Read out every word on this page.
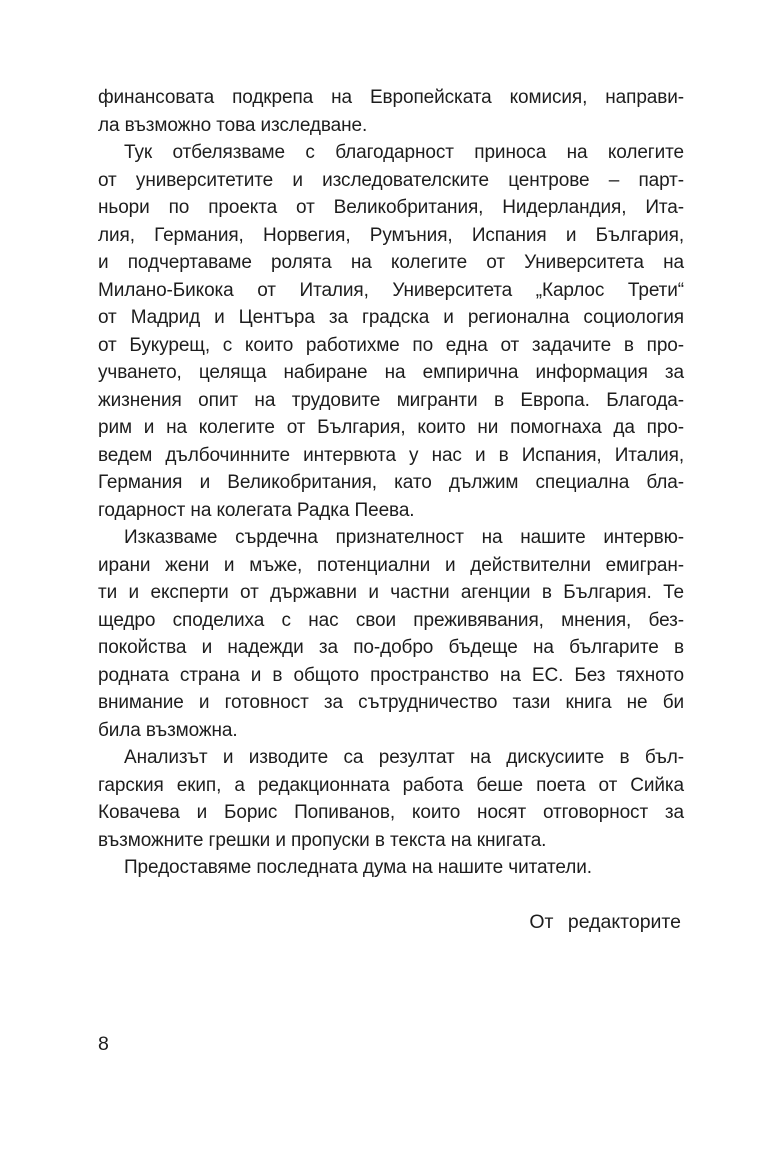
финансовата подкрепа на Европейската комисия, направи-
ла възможно това изследване.
Тук отбелязваме с благодарност приноса на колегите
от университетите и изследователските центрове – парт-
ньори по проекта от Великобритания, Нидерландия, Ита-
лия, Германия, Норвегия, Румъния, Испания и България,
и подчертаваме ролята на колегите от Университета на
Милано-Бикока от Италия, Университета „Карлос Трети“
от Мадрид и Центъра за градска и регионална социология
от Букурещ, с които работихме по една от задачите в про-
учването, целяща набиране на емпирична информация за
жизнения опит на трудовите мигранти в Европа. Благода-
рим и на колегите от България, които ни помогнаха да про-
ведем дълбочинните интервюта у нас и в Испания, Италия,
Германия и Великобритания, като дължим специална бла-
годарност на колегата Радка Пеева.
Изказваме сърдечна признателност на нашите интервю-
ирани жени и мъже, потенциални и действителни емигран-
ти и експерти от държавни и частни агенции в България. Те
щедро споделиха с нас свои преживявания, мнения, без-
покойства и надежди за по-добро бъдеще на българите в
родната страна и в общото пространство на ЕС. Без тяхното
внимание и готовност за сътрудничество тази книга не би
била възможна.
Анализът и изводите са резултат на дискусиите в бъл-
гарския екип, а редакционната работа беше поета от Сийка
Ковачева и Борис Попиванов, които носят отговорност за
възможните грешки и пропуски в текста на книгата.
Предоставяме последната дума на нашите читатели.
От редакторите
8
